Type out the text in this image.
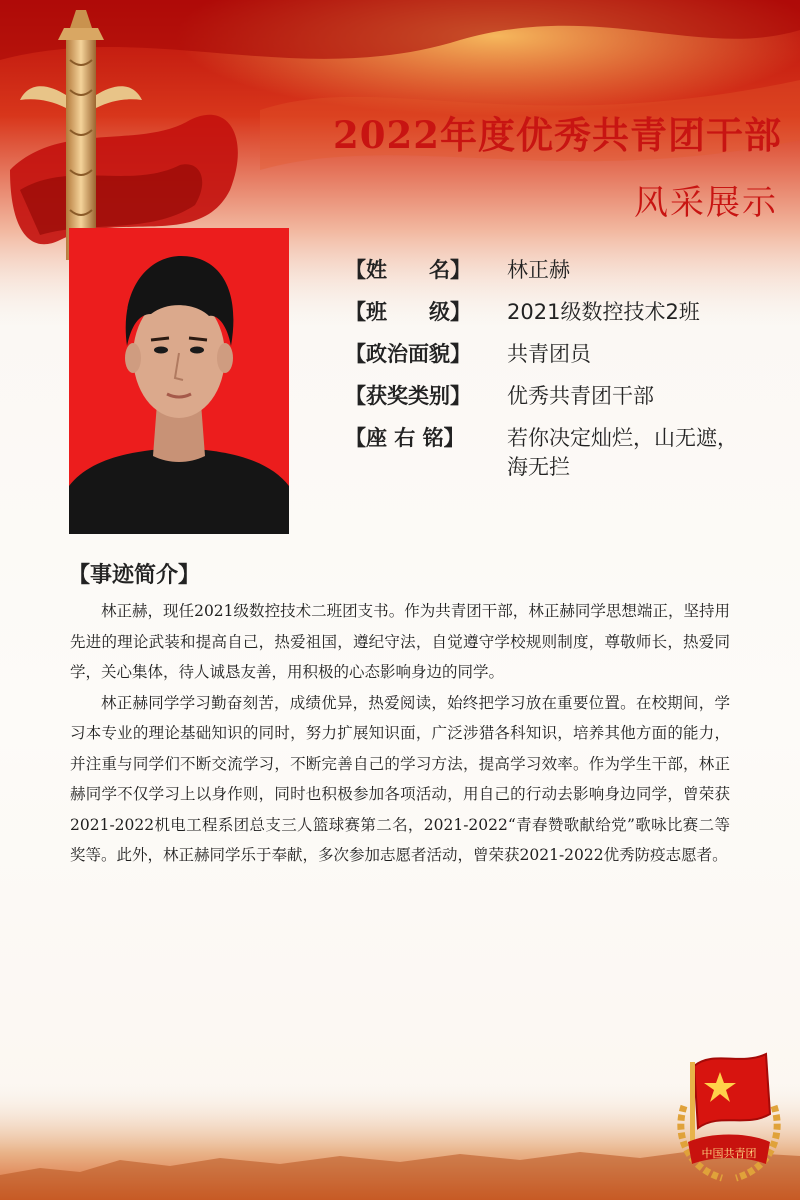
2022年度优秀共青团干部
风采展示
【姓　　名】	林正赫
【班　　级】	2021级数控技术2班
【政治面貌】	共青团员
【获奖类别】	优秀共青团干部
【座 右 铭】	若你决定灿烂，山无遮，海无拦
【事迹简介】

林正赫，现任2021级数控技术二班团支书。作为共青团干部，林正赫同学思想端正，坚持用先进的理论武装和提高自己，热爱祖国，遵纪守法，自觉遵守学校规则制度，尊敬师长，热爱同学，关心集体，待人诚恳友善，用积极的心态影响身边的同学。

林正赫同学学习勤奋刻苦，成绩优异，热爱阅读，始终把学习放在重要位置。在校期间，学习本专业的理论基础知识的同时，努力扩展知识面，广泛涉猎各科知识，培养其他方面的能力，并注重与同学们不断交流学习，不断完善自己的学习方法，提高学习效率。作为学生干部，林正赫同学不仅学习上以身作则，同时也积极参加各项活动，用自己的行动去影响身边同学，曾荣获2021-2022机电工程系团总支三人篮球赛第二名，2021-2022“青春赞歌献给党”歌咏比赛二等奖等。此外，林正赫同学乐于奉献，多次参加志愿者活动，曾荣获2021-2022优秀防疫志愿者。

中国共青团
